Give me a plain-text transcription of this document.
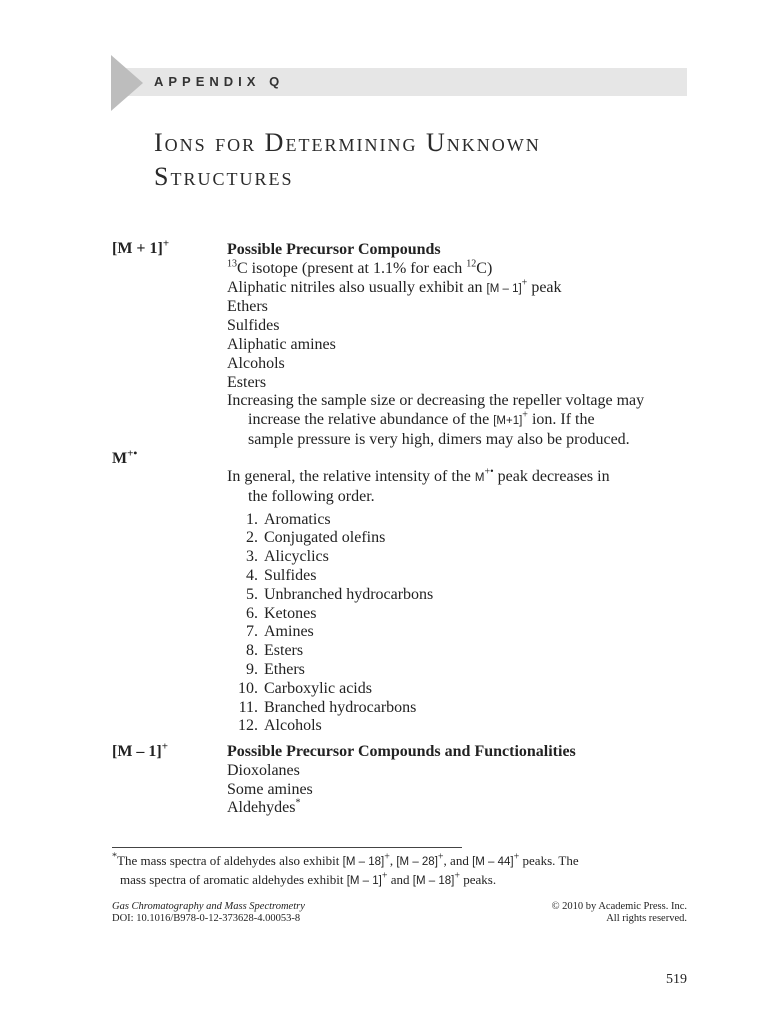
APPENDIX Q
Ions for Determining Unknown
Structures
[M + 1]+	Possible Precursor Compounds
$^{13}$C isotope (present at 1.1% for each $^{12}$C)
Aliphatic nitriles also usually exhibit an [M – 1]+ peak
Ethers
Sulfides
Aliphatic amines
Alcohols
Esters
Increasing the sample size or decreasing the repeller voltage may
increase the relative abundance of the [M+1]+ ion. If the
sample pressure is very high, dimers may also be produced.
M+•
In general, the relative intensity of the M+• peak decreases in
the following order.
1. Aromatics
2. Conjugated olefins
3. Alicyclics
4. Sulfides
5. Unbranched hydrocarbons
6. Ketones
7. Amines
8. Esters
9. Ethers
10. Carboxylic acids
11. Branched hydrocarbons
12. Alcohols
[M – 1]+	Possible Precursor Compounds and Functionalities
Dioxolanes
Some amines
Aldehydes*
*The mass spectra of aldehydes also exhibit [M – 18]+, [M – 28]+, and [M – 44]+ peaks. The
mass spectra of aromatic aldehydes exhibit [M – 1]+ and [M – 18]+ peaks.
Gas Chromatography and Mass Spectrometry
DOI: 10.1016/B978-0-12-373628-4.00053-8
© 2010 by Academic Press. Inc.
All rights reserved.
519
